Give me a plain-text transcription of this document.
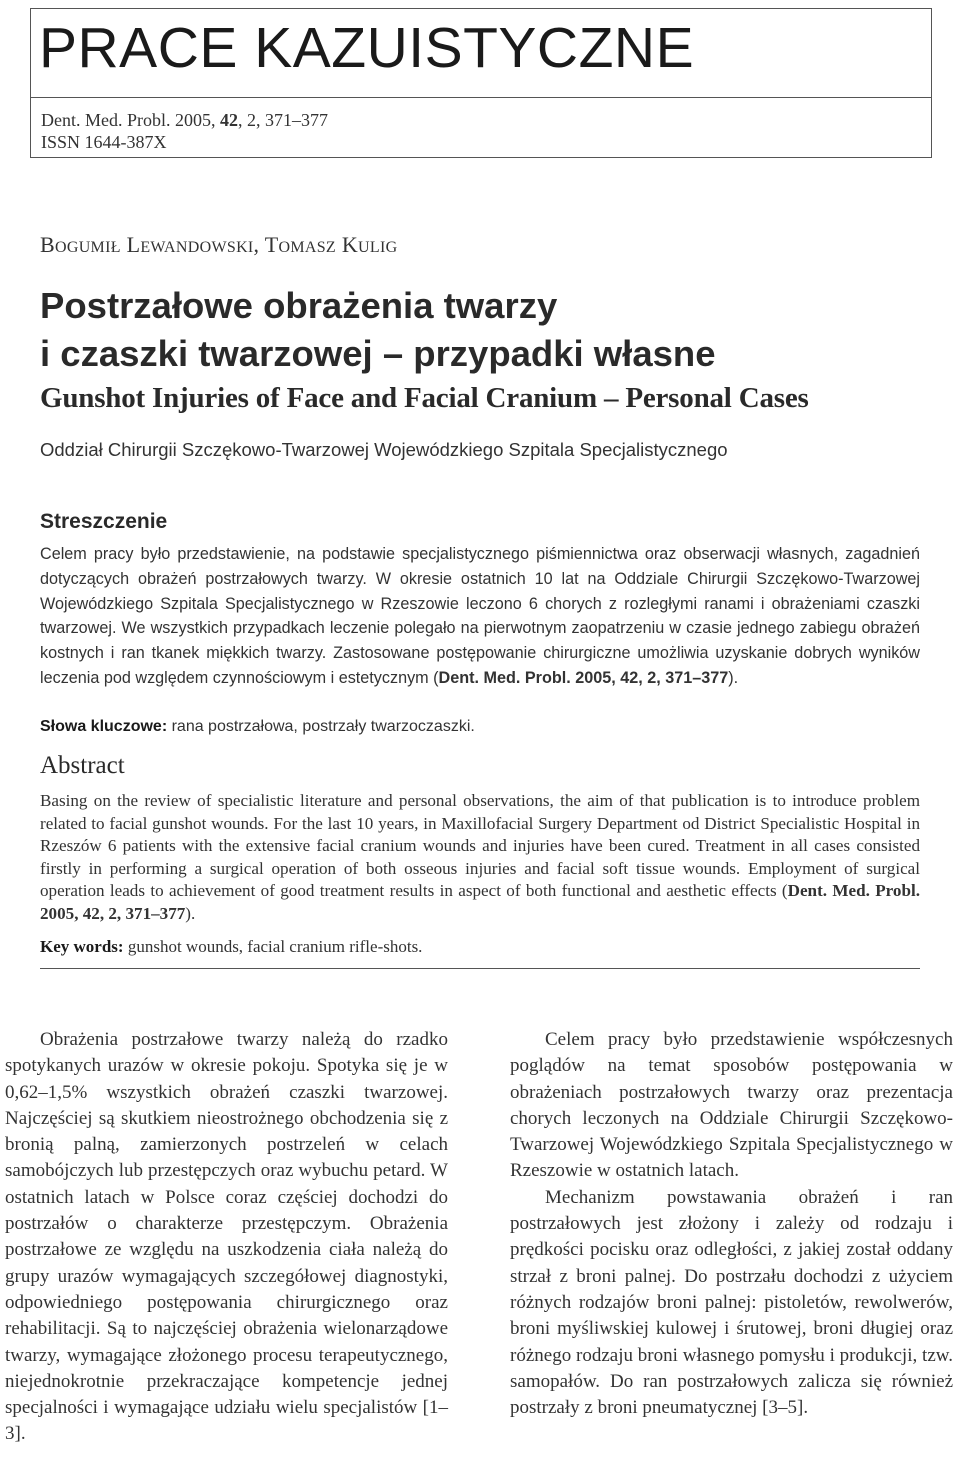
PRACE KAZUISTYCZNE
Dent. Med. Probl. 2005, 42, 2, 371–377
ISSN 1644-387X
BOGUMIŁ LEWANDOWSKI, TOMASZ KULIG
Postrzałowe obrażenia twarzy
i czaszki twarzowej – przypadki własne
Gunshot Injuries of Face and Facial Cranium – Personal Cases
Oddział Chirurgii Szczękowo-Twarzowej Wojewódzkiego Szpitala Specjalistycznego
Streszczenie
Celem pracy było przedstawienie, na podstawie specjalistycznego piśmiennictwa oraz obserwacji własnych, zagadnień dotyczących obrażeń postrzałowych twarzy. W okresie ostatnich 10 lat na Oddziale Chirurgii Szczękowo-Twarzowej Wojewódzkiego Szpitala Specjalistycznego w Rzeszowie leczono 6 chorych z rozległymi ranami i obrażeniami czaszki twarzowej. We wszystkich przypadkach leczenie polegało na pierwotnym zaopatrzeniu w czasie jednego zabiegu obrażeń kostnych i ran tkanek miękkich twarzy. Zastosowane postępowanie chirurgiczne umożliwia uzyskanie dobrych wyników leczenia pod względem czynnościowym i estetycznym (Dent. Med. Probl. 2005, 42, 2, 371–377).
Słowa kluczowe: rana postrzałowa, postrzały twarzoczaszki.
Abstract
Basing on the review of specialistic literature and personal observations, the aim of that publication is to introduce problem related to facial gunshot wounds. For the last 10 years, in Maxillofacial Surgery Department od District Specialistic Hospital in Rzeszów 6 patients with the extensive facial cranium wounds and injuries have been cured. Treatment in all cases consisted firstly in performing a surgical operation of both osseous injuries and facial soft tissue wounds. Employment of surgical operation leads to achievement of good treatment results in aspect of both functional and aesthetic effects (Dent. Med. Probl. 2005, 42, 2, 371–377).
Key words: gunshot wounds, facial cranium rifle-shots.

Obrażenia postrzałowe twarzy należą do rzadko spotykanych urazów w okresie pokoju. Spotyka się je w 0,62–1,5% wszystkich obrażeń czaszki twarzowej. Najczęściej są skutkiem nieostrożnego obchodzenia się z bronią palną, zamierzonych postrzeleń w celach samobójczych lub przestępczych oraz wybuchu petard. W ostatnich latach w Polsce coraz częściej dochodzi do postrzałów o charakterze przestępczym. Obrażenia postrzałowe ze względu na uszkodzenia ciała należą do grupy urazów wymagających szczegółowej diagnostyki, odpowiedniego postępowania chirurgicznego oraz rehabilitacji. Są to najczęściej obrażenia wielonarządowe twarzy, wymagające złożonego procesu terapeutycznego, niejednokrotnie przekraczające kompetencje jednej specjalności i wymagające udziału wielu specjalistów [1–3].

Celem pracy było przedstawienie współczesnych poglądów na temat sposobów postępowania w obrażeniach postrzałowych twarzy oraz prezentacja chorych leczonych na Oddziale Chirurgii Szczękowo-Twarzowej Wojewódzkiego Szpitala Specjalistycznego w Rzeszowie w ostatnich latach.

Mechanizm powstawania obrażeń i ran postrzałowych jest złożony i zależy od rodzaju i prędkości pocisku oraz odległości, z jakiej został oddany strzał z broni palnej. Do postrzału dochodzi z użyciem różnych rodzajów broni palnej: pistoletów, rewolwerów, broni myśliwskiej kulowej i śrutowej, broni długiej oraz różnego rodzaju broni własnego pomysłu i produkcji, tzw. samopałów. Do ran postrzałowych zalicza się również postrzały z broni pneumatycznej [3–5].
